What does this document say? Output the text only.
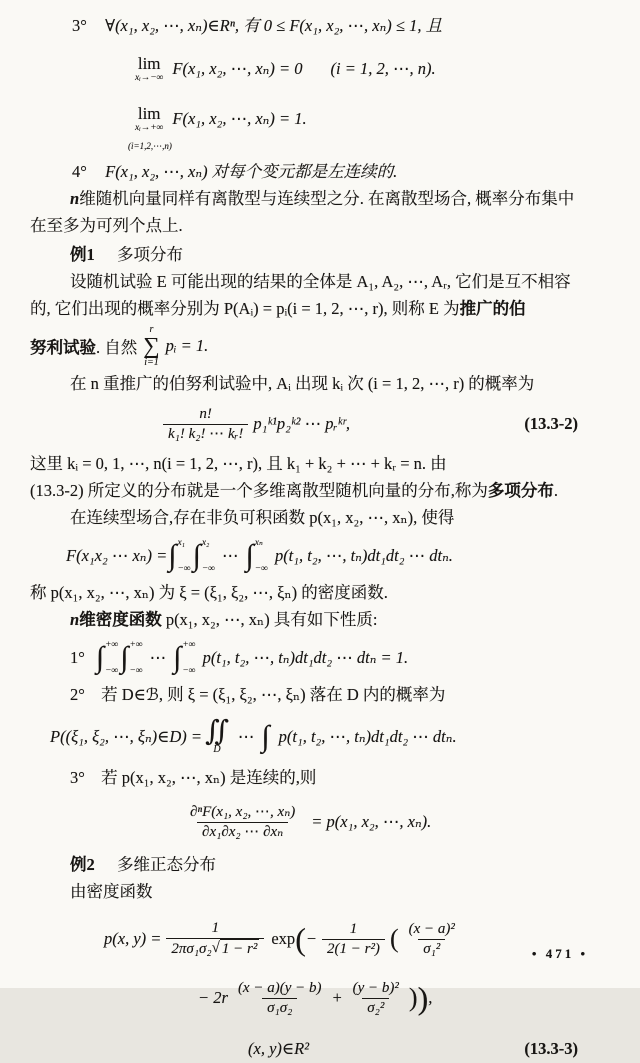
3° ∀(x₁, x₂, ⋯, xₙ)∈Rⁿ, 有 0 ≤ F(x₁, x₂, ⋯, xₙ) ≤ 1, 且
lim
xᵢ→−∞ F(x₁, x₂, ⋯, xₙ) = 0 (i = 1, 2, ⋯, n).
lim
xᵢ→+∞ F(x₁, x₂, ⋯, xₙ) = 1.
(i=1,2,⋯,n)
4° F(x₁, x₂, ⋯, xₙ) 对每个变元都是左连续的.
n维随机向量同样有离散型与连续型之分. 在离散型场合, 概率分布集中
在至多为可列个点上.
例1 多项分布
设随机试验 E 可能出现的结果的全体是 A₁, A₂, ⋯, Aᵣ, 它们是互不相容
的, 它们出现的概率分别为 P(Aᵢ) = pᵢ(i = 1, 2, ⋯, r), 则称 E 为推广的伯
努利试验 . 自然
r
∑
i=1
pᵢ = 1.
在 n 重推广的伯努利试验中, Aᵢ 出现 kᵢ 次 (i = 1, 2, ⋯, r) 的概率为
$\frac{n!}{\text{k₁! k₂! ⋯ kᵣ!}}$ p₁ᵏ¹p₂ᵏ² ⋯ pᵣᵏʳ,	(13.3-2)
这里 kᵢ = 0, 1, ⋯, n(i = 1, 2, ⋯, r), 且 k₁ + k₂ + ⋯ + kᵣ = n. 由
(13.3-2) 所定义的分布就是一个多维离散型随机向量的分布,称为多项分布.
在连续型场合,存在非负可积函数 p(x₁, x₂, ⋯, xₙ), 使得
F(x₁x₂ ⋯ xₙ) = ∫ x₁
−∞ ∫ x₂
−∞
⋯ ∫ xₙ
−∞
p(t₁, t₂, ⋯, tₙ)dt₁dt₂ ⋯ dtₙ.
称 p(x₁, x₂, ⋯, xₙ) 为 ξ = (ξ₁, ξ₂, ⋯, ξₙ) 的密度函数.
n维密度函数 p(x₁, x₂, ⋯, xₙ) 具有如下性质:
1° ∫ +∞
−∞ ∫ +∞
−∞
⋯ ∫ +∞
−∞
p(t₁, t₂, ⋯, tₙ)dt₁dt₂ ⋯ dtₙ = 1.
2° 若 D∈ℬ, 则 ξ = (ξ₁, ξ₂, ⋯, ξₙ) 落在 D 内的概率为
P((ξ₁, ξ₂, ⋯, ξₙ)∈D) = ∬
D
⋯ ∫ p(t₁, t₂, ⋯, tₙ)dt₁dt₂ ⋯ dtₙ.
3° 若 p(x₁, x₂, ⋯, xₙ) 是连续的,则
$\frac{\text{∂ⁿF(x₁, x₂, ⋯, xₙ)}}{\text{∂x₁∂x₂ ⋯ ∂xₙ}} = p(x_1$, x₂, ⋯, xₙ).
例2 多维正态分布
由密度函数
p(x, $y) = \frac{1}{\text{2πσ₁σ₂ √ 1 − r²}}$ exp ( − $\frac{1}{\text{2(1 − r²)}}$ ( $\frac{\text{(x − a)²}}{\text{σ₁²}}$
− $2r \frac{(x - a)(y - b)}{\text{σ₁σ₂}} + \frac{\text{(y − b)²}}{\text{σ₂²}}$ ) ) ,
(x, y)∈R²	(13.3-3)
• 471 •
